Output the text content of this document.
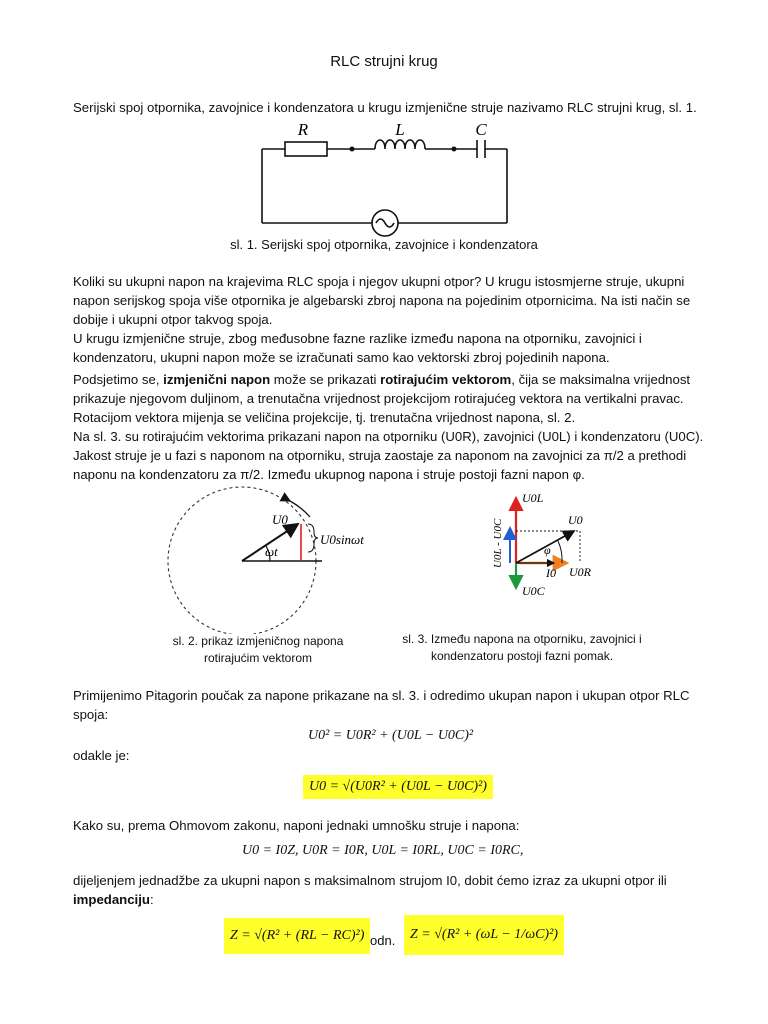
RLC strujni krug
Serijski spoj otpornika, zavojnice i kondenzatora u krugu izmjenične struje nazivamo RLC strujni krug, sl. 1.
R	L	C
sl. 1. Serijski spoj otpornika, zavojnice i kondenzatora
Koliki su ukupni napon na krajevima RLC spoja i njegov ukupni otpor? U krugu istosmjerne struje, ukupni
napon serijskog spoja više otpornika je algebarski zbroj napona na pojedinim otpornicima. Na isti način se
dobije i ukupni otpor takvog spoja.
U krugu izmjenične struje, zbog međusobne fazne razlike između napona na otporniku, zavojnici i
kondenzatoru, ukupni napon može se izračunati samo kao vektorski zbroj pojedinih napona.
Podsjetimo se, izmjenični napon može se prikazati rotirajućim vektorom, čija se maksimalna vrijednost
prikazuje njegovom duljinom, a trenutačna vrijednost projekcijom rotirajućeg vektora na vertikalni pravac.
Rotacijom vektora mijenja se veličina projekcije, tj. trenutačna vrijednost napona, sl. 2.
Na sl. 3. su rotirajućim vektorima prikazani napon na otporniku (U0R), zavojnici (U0L) i kondenzatoru (U0C).
Jakost struje je u fazi s naponom na otporniku, struja zaostaje za naponom na zavojnici za π/2 a prethodi
naponu na kondenzatoru za π/2. Između ukupnog napona i struje postoji fazni napon φ.
U0
U0sinωt
ωt
sl. 2. prikaz izmjeničnog napona
rotirajućim vektorom
U0L
U0C
U0R
U0
I0
φ
U0L - U0C
sl. 3. Između napona na otporniku, zavojnici i
kondenzatoru postoji fazni pomak.
Primijenimo Pitagorin poučak za napone prikazane na sl. 3. i odredimo ukupan napon i ukupan otpor RLC
spoja:
U0² = U0R² + (U0L − U0C)²
odakle je:
U0 = √(U0R² + (U0L − U0C)²)
Kako su, prema Ohmovom zakonu, naponi jednaki umnošku struje i napona:
U0 = I0Z, U0R = I0R, U0L = I0RL, U0C = I0RC,
dijeljenjem jednadžbe za ukupni napon s maksimalnom strujom I0, dobit ćemo izraz za ukupni otpor ili
impedanciju:
Z = √(R² + (RL − RC)²) odn.	Z = √(R² + (ωL − 1/ωC)²)
